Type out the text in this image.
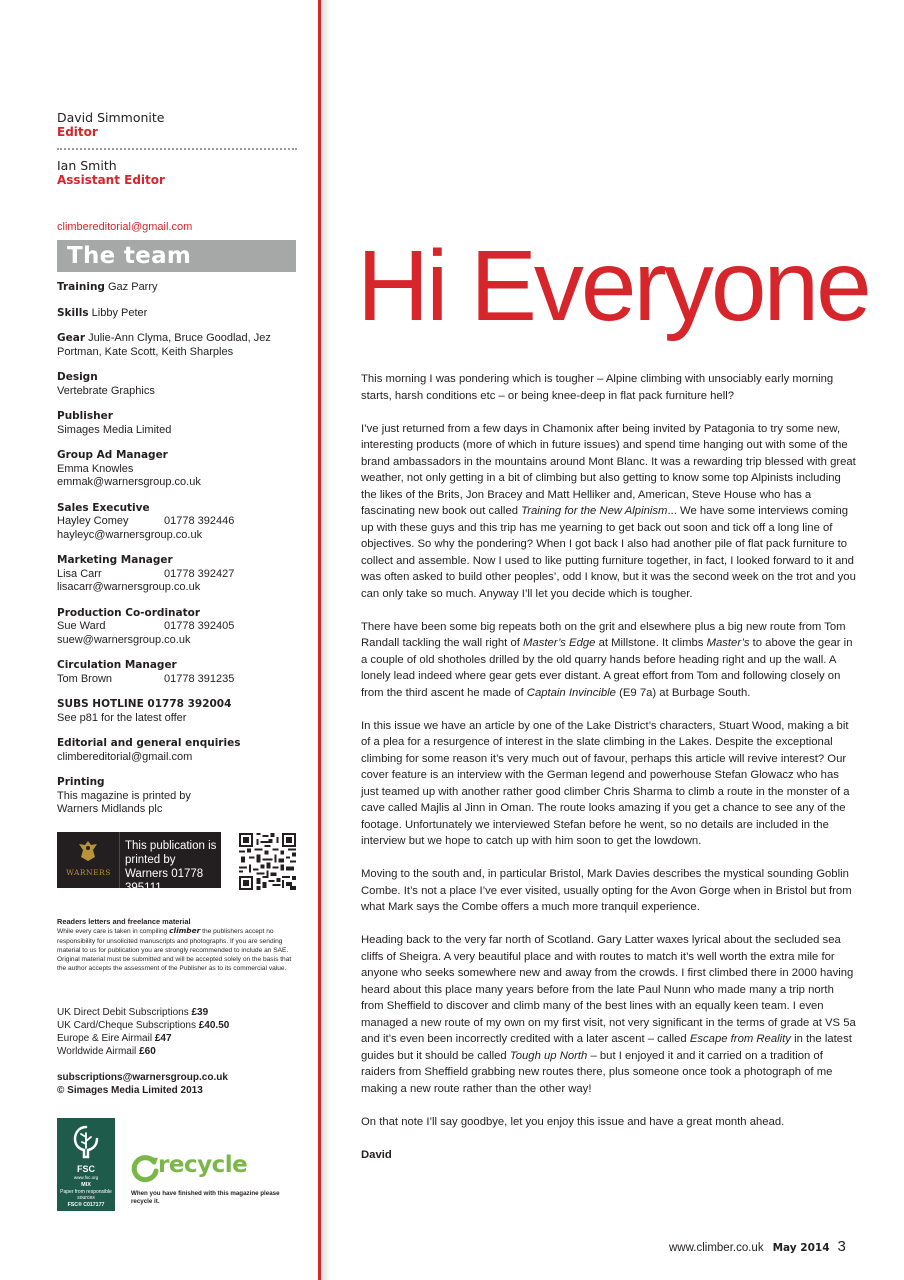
David Simmonite
Editor
Ian Smith
Assistant Editor
climbereditorial@gmail.com
The team
Training Gaz Parry
Skills Libby Peter
Gear Julie-Ann Clyma, Bruce Goodlad, Jez Portman, Kate Scott, Keith Sharples
Design
Vertebrate Graphics
Publisher
Simages Media Limited
Group Ad Manager
Emma Knowles
emmak@warnersgroup.co.uk
Sales Executive
Hayley Comey	01778 392446
hayleyc@warnersgroup.co.uk
Marketing Manager
Lisa Carr	01778 392427
lisacarr@warnersgroup.co.uk
Production Co-ordinator
Sue Ward	01778 392405
suew@warnersgroup.co.uk
Circulation Manager
Tom Brown	01778 391235
SUBS HOTLINE 01778 392004
See p81 for the latest offer
Editorial and general enquiries
climbereditorial@gmail.com
Printing
This magazine is printed by Warners Midlands plc
WARNERS
This publication is printed by Warners 01778 395111
Readers letters and freelance material
While every care is taken in compiling climber the publishers accept no responsibility for unsolicited manuscripts and photographs. If you are sending material to us for publication you are strongly recommended to include an SAE. Original material must be submitted and will be accepted solely on the basis that the author accepts the assessment of the Publisher as to its commercial value.
UK Direct Debit Subscriptions £39
UK Card/Cheque Subscriptions £40.50
Europe & Eire Airmail £47
Worldwide Airmail £60
subscriptions@warnersgroup.co.uk
© Simages Media Limited 2013
FSC
www.fsc.org
MIX
Paper from responsible sources
FSC® C017177
recycle
When you have finished with this magazine please recycle it.
Hi Everyone

This morning I was pondering which is tougher – Alpine climbing with unsociably early morning starts, harsh conditions etc – or being knee-deep in flat pack furniture hell?

I’ve just returned from a few days in Chamonix after being invited by Patagonia to try some new, interesting products (more of which in future issues) and spend time hanging out with some of the brand ambassadors in the mountains around Mont Blanc. It was a rewarding trip blessed with great weather, not only getting in a bit of climbing but also getting to know some top Alpinists including the likes of the Brits, Jon Bracey and Matt Helliker and, American, Steve House who has a fascinating new book out called Training for the New Alpinism... We have some interviews coming up with these guys and this trip has me yearning to get back out soon and tick off a long line of objectives. So why the pondering? When I got back I also had another pile of flat pack furniture to collect and assemble. Now I used to like putting furniture together, in fact, I looked forward to it and was often asked to build other peoples’, odd I know, but it was the second week on the trot and you can only take so much. Anyway I’ll let you decide which is tougher.

There have been some big repeats both on the grit and elsewhere plus a big new route from Tom Randall tackling the wall right of Master’s Edge at Millstone. It climbs Master’s to above the gear in a couple of old shotholes drilled by the old quarry hands before heading right and up the wall. A lonely lead indeed where gear gets ever distant. A great effort from Tom and following closely on from the third ascent he made of Captain Invincible (E9 7a) at Burbage South.

In this issue we have an article by one of the Lake District’s characters, Stuart Wood, making a bit of a plea for a resurgence of interest in the slate climbing in the Lakes. Despite the exceptional climbing for some reason it’s very much out of favour, perhaps this article will revive interest? Our cover feature is an interview with the German legend and powerhouse Stefan Glowacz who has just teamed up with another rather good climber Chris Sharma to climb a route in the monster of a cave called Majlis al Jinn in Oman. The route looks amazing if you get a chance to see any of the footage. Unfortunately we interviewed Stefan before he went, so no details are included in the interview but we hope to catch up with him soon to get the lowdown.

Moving to the south and, in particular Bristol, Mark Davies describes the mystical sounding Goblin Combe. It’s not a place I’ve ever visited, usually opting for the Avon Gorge when in Bristol but from what Mark says the Combe offers a much more tranquil experience.

Heading back to the very far north of Scotland. Gary Latter waxes lyrical about the secluded sea cliffs of Sheigra. A very beautiful place and with routes to match it’s well worth the extra mile for anyone who seeks somewhere new and away from the crowds. I first climbed there in 2000 having heard about this place many years before from the late Paul Nunn who made many a trip north from Sheffield to discover and climb many of the best lines with an equally keen team. I even managed a new route of my own on my first visit, not very significant in the terms of grade at VS 5a and it’s even been incorrectly credited with a later ascent – called Escape from Reality in the latest guides but it should be called Tough up North – but I enjoyed it and it carried on a tradition of raiders from Sheffield grabbing new routes there, plus someone once took a photograph of me making a new route rather than the other way!

On that note I’ll say goodbye, let you enjoy this issue and have a great month ahead.

David

www.climber.co.uk May 2014 3
